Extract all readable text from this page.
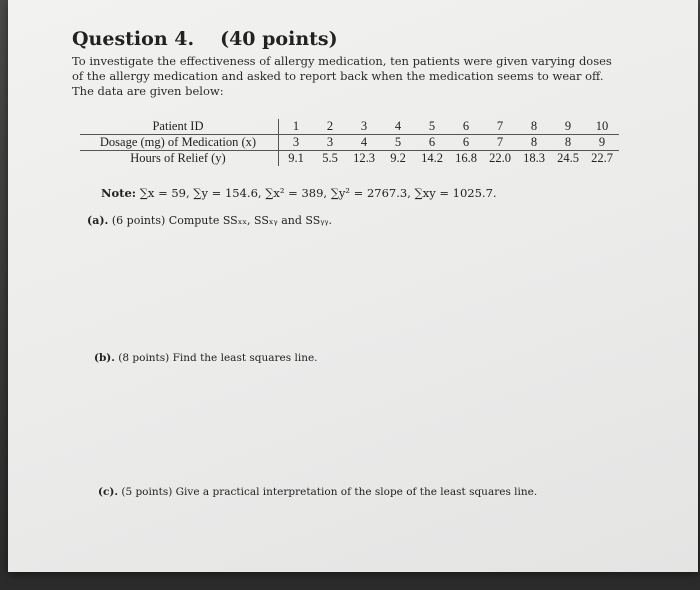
Question 4. (40 points)
To investigate the effectiveness of allergy medication, ten patients were given varying doses of the allergy medication and asked to report back when the medication seems to wear off. The data are given below:
Patient ID	1	2	3	4	5	6	7	8	9	10
Dosage (mg) of Medication (x)	3	3	4	5	6	6	7	8	8	9
Hours of Relief (y)	9.1	5.5	12.3	9.2	14.2	16.8	22.0	18.3	24.5	22.7
Note: ∑x = 59, ∑y = 154.6, ∑x² = 389, ∑y² = 2767.3, ∑xy = 1025.7.
(a). (6 points) Compute SSₓₓ, SSₓᵧ and SSᵧᵧ.
(b). (8 points) Find the least squares line.
(c). (5 points) Give a practical interpretation of the slope of the least squares line.
